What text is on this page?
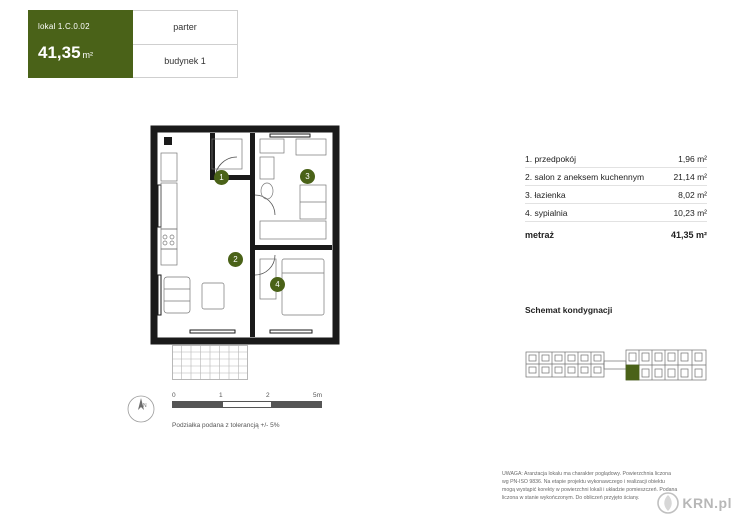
lokal 1.C.0.02
41,35 m²
parter
budynek 1
1	3
2
4
N
0	1	2	5m
Podziałka podana z tolerancją +/- 5%
1. przedpokój	1,96 m²
2. salon z aneksem kuchennym	21,14 m²
3. łazienka	8,02 m²
4. sypialnia	10,23 m²
metraż	41,35 m²
Schemat kondygnacji
UWAGA: Aranżacja lokalu ma charakter poglądowy. Powierzchnia liczona
wg PN-ISO 9836. Na etapie projektu wykonawczego i realizacji obiektu
mogą wystąpić korekty w powierzchni lokali i układzie pomieszczeń. Podana
liczona w stanie wykończonym. Do obliczeń przyjęto ściany.	KRN.pl
